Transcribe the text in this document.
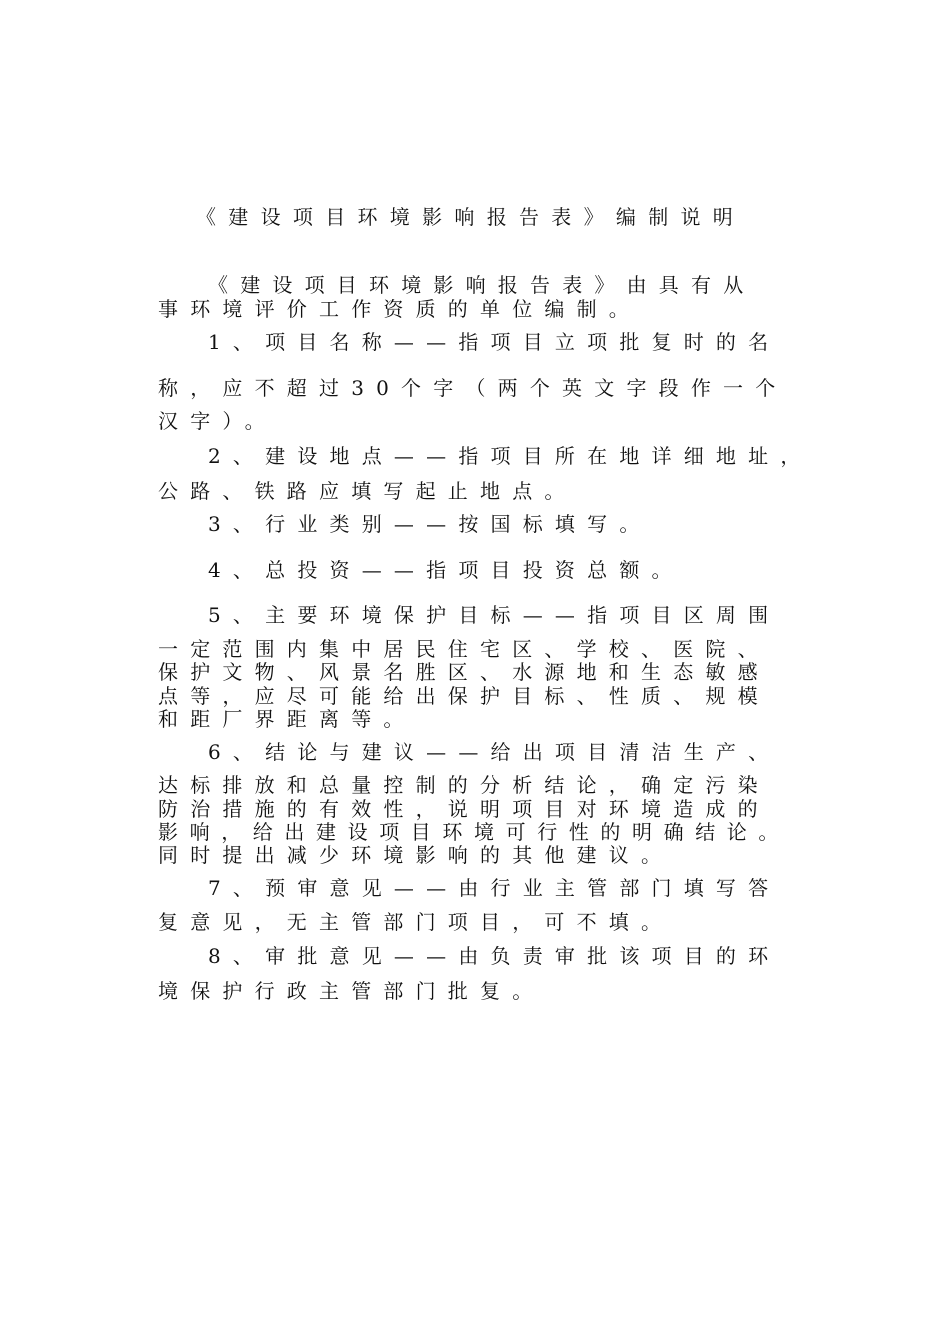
《建设项目环境影响报告表》编制说明
《建设项目环境影响报告表》由具有从
事环境评价工作资质的单位编制。
1、项目名称——指项目立项批复时的名
称，应不超过30个字（两个英文字段作一个
汉字）。
2、建设地点——指项目所在地详细地址，
公路、铁路应填写起止地点。
3、行业类别——按国标填写。
4、总投资——指项目投资总额。
5、主要环境保护目标——指项目区周围
一定范围内集中居民住宅区、学校、医院、
保护文物、风景名胜区、水源地和生态敏感
点等，应尽可能给出保护目标、性质、规模
和距厂界距离等。
6、结论与建议——给出项目清洁生产、
达标排放和总量控制的分析结论，确定污染
防治措施的有效性，说明项目对环境造成的
影响，给出建设项目环境可行性的明确结论。
同时提出减少环境影响的其他建议。
7、预审意见——由行业主管部门填写答
复意见，无主管部门项目，可不填。
8、审批意见——由负责审批该项目的环
境保护行政主管部门批复。
